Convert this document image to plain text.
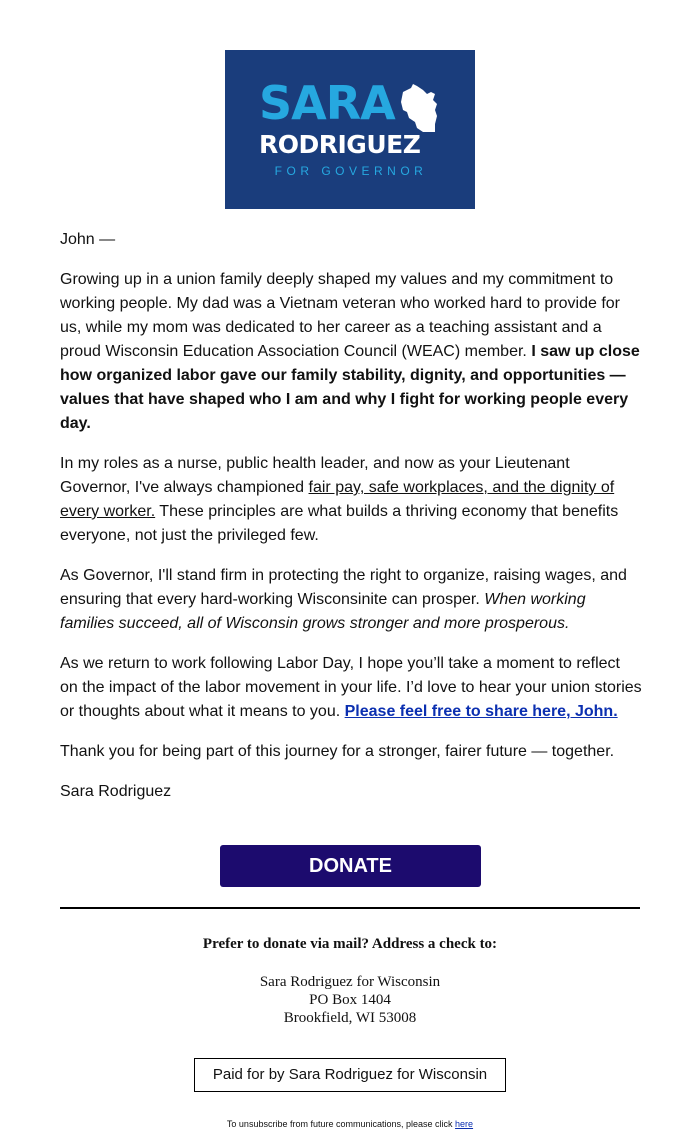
SARA
RODRIGUEZ
FOR GOVERNOR

John —

Growing up in a union family deeply shaped my values and my commitment to working people. My dad was a Vietnam veteran who worked hard to provide for us, while my mom was dedicated to her career as a teaching assistant and a proud Wisconsin Education Association Council (WEAC) member. I saw up close how organized labor gave our family stability, dignity, and opportunities — values that have shaped who I am and why I fight for working people every day.

In my roles as a nurse, public health leader, and now as your Lieutenant Governor, I've always championed fair pay, safe workplaces, and the dignity of every worker. These principles are what builds a thriving economy that benefits everyone, not just the privileged few.

As Governor, I'll stand firm in protecting the right to organize, raising wages, and ensuring that every hard-working Wisconsinite can prosper. When working families succeed, all of Wisconsin grows stronger and more prosperous.

As we return to work following Labor Day, I hope you’ll take a moment to reflect on the impact of the labor movement in your life. I’d love to hear your union stories or thoughts about what it means to you. Please feel free to share here, John.

Thank you for being part of this journey for a stronger, fairer future — together.

Sara Rodriguez

DONATE
Prefer to donate via mail? Address a check to:
Sara Rodriguez for Wisconsin
PO Box 1404
Brookfield, WI 53008
Paid for by Sara Rodriguez for Wisconsin
To unsubscribe from future communications, please click here
